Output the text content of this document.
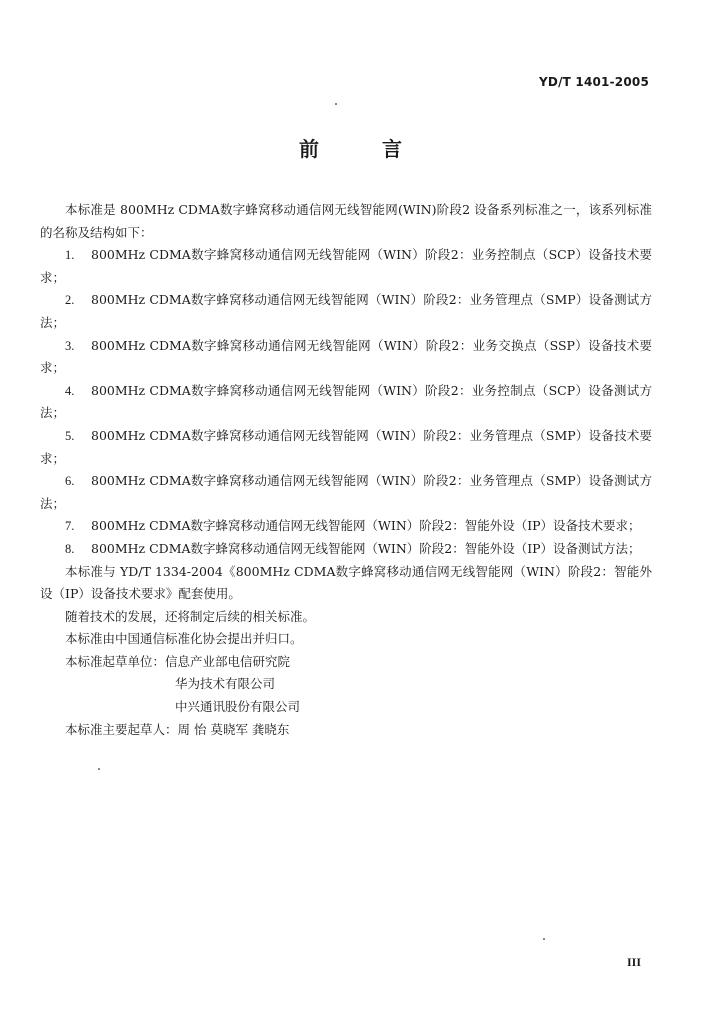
YD/T 1401-2005
前 言

本标准是 800MHz CDMA数字蜂窝移动通信网无线智能网(WIN)阶段2 设备系列标准之一，该系列标准的名称及结构如下：

1. 800MHz CDMA数字蜂窝移动通信网无线智能网（WIN）阶段2：业务控制点（SCP）设备技术要求；

2. 800MHz CDMA数字蜂窝移动通信网无线智能网（WIN）阶段2：业务管理点（SMP）设备测试方法；

3. 800MHz CDMA数字蜂窝移动通信网无线智能网（WIN）阶段2：业务交换点（SSP）设备技术要求；

4. 800MHz CDMA数字蜂窝移动通信网无线智能网（WIN）阶段2：业务控制点（SCP）设备测试方法；

5. 800MHz CDMA数字蜂窝移动通信网无线智能网（WIN）阶段2：业务管理点（SMP）设备技术要求；

6. 800MHz CDMA数字蜂窝移动通信网无线智能网（WIN）阶段2：业务管理点（SMP）设备测试方法；

7. 800MHz CDMA数字蜂窝移动通信网无线智能网（WIN）阶段2：智能外设（IP）设备技术要求；

8. 800MHz CDMA数字蜂窝移动通信网无线智能网（WIN）阶段2：智能外设（IP）设备测试方法；

本标准与 YD/T 1334-2004《800MHz CDMA数字蜂窝移动通信网无线智能网（WIN）阶段2：智能外设（IP）设备技术要求》配套使用。

随着技术的发展，还将制定后续的相关标准。

本标准由中国通信标准化协会提出并归口。

本标准起草单位：信息产业部电信研究院

华为技术有限公司

中兴通讯股份有限公司

本标准主要起草人：周 怡 莫晓军 龚晓东

III
